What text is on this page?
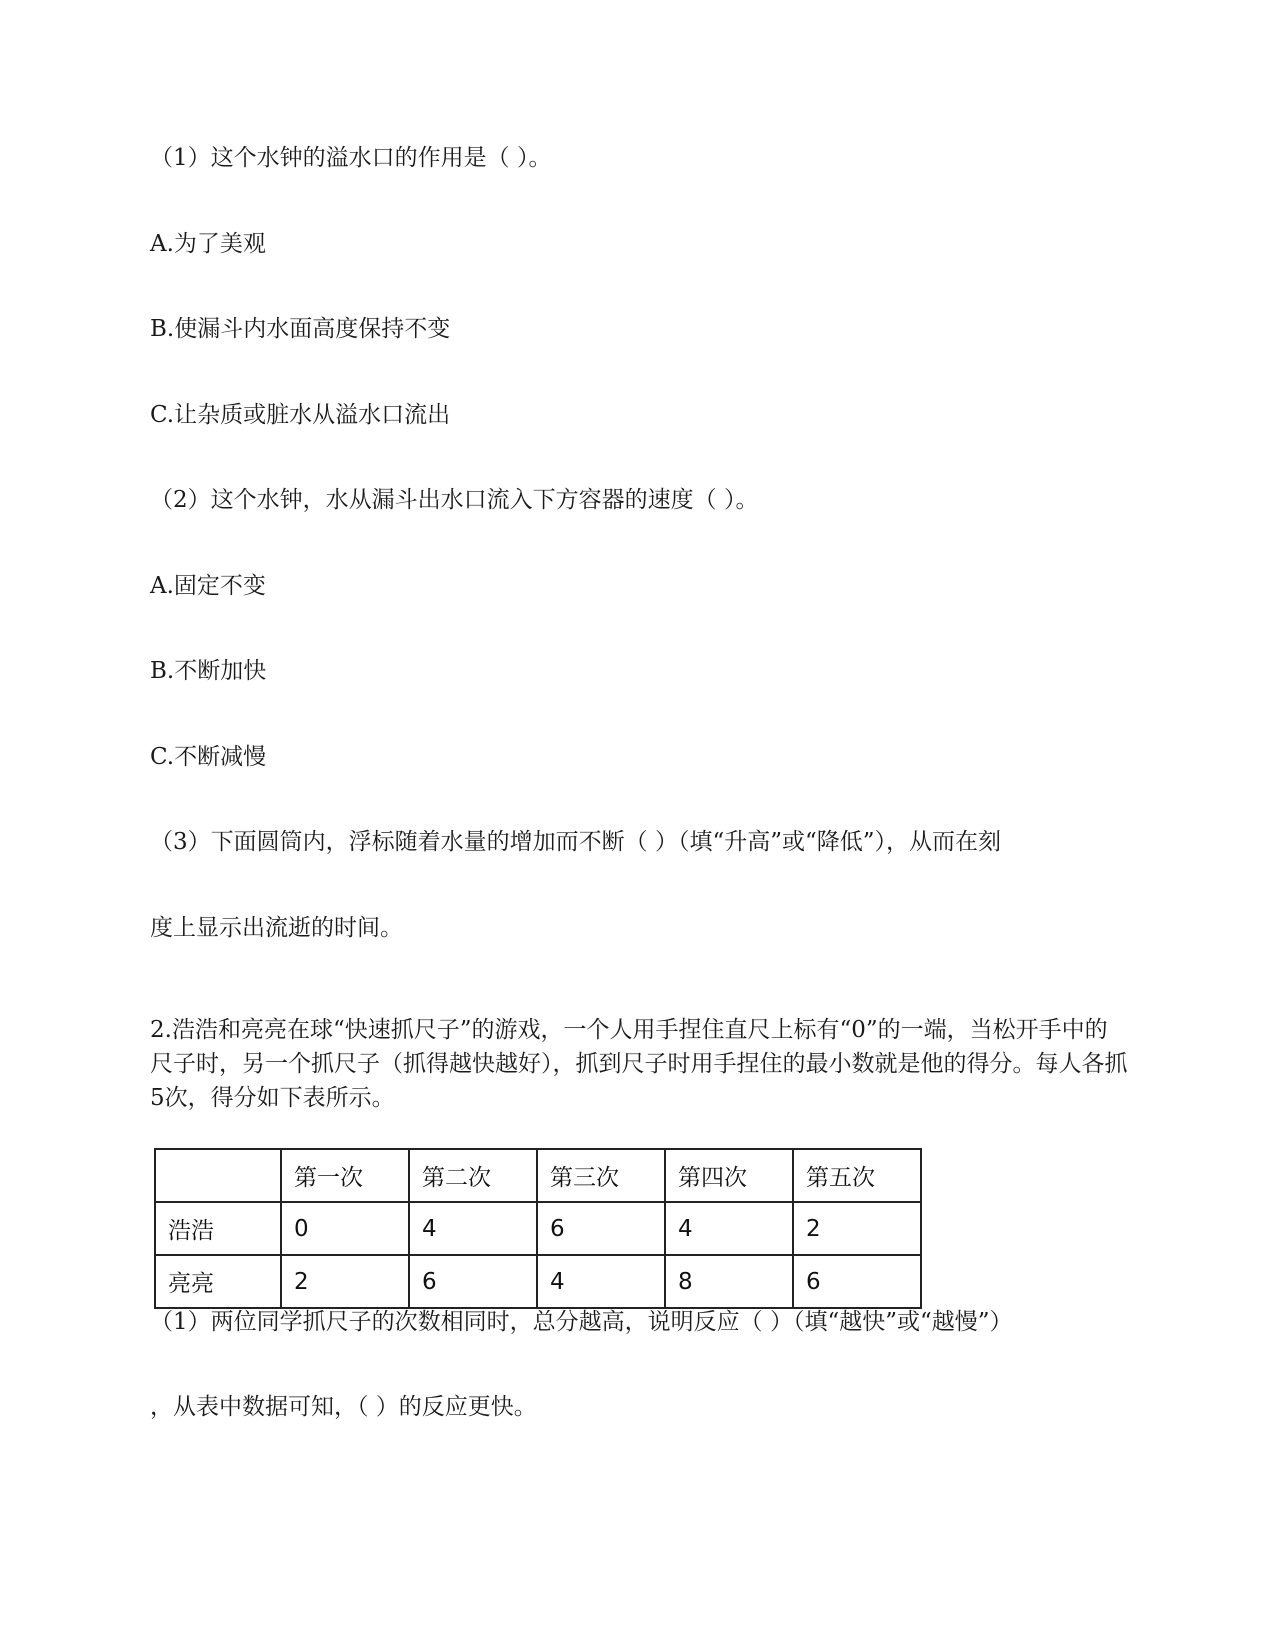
（1）这个水钟的溢水口的作用是（ ）。
A.为了美观
B.使漏斗内水面高度保持不变
C.让杂质或脏水从溢水口流出
（2）这个水钟，水从漏斗出水口流入下方容器的速度（ ）。
A.固定不变
B.不断加快
C.不断减慢
（3）下面圆筒内，浮标随着水量的增加而不断（ ）（填“升高”或“降低”），从而在刻
度上显示出流逝的时间。
2.浩浩和亮亮在球“快速抓尺子”的游戏，一个人用手捏住直尺上标有“0”的一端，当松开手中的尺子时，另一个抓尺子（抓得越快越好），抓到尺子时用手捏住的最小数就是他的得分。每人各抓5次，得分如下表所示。
	第一次	第二次	第三次	第四次	第五次
浩浩	0	4	6	4	2
亮亮	2	6	4	8	6
（1）两位同学抓尺子的次数相同时，总分越高，说明反应（ ）（填“越快”或“越慢”）
，从表中数据可知，（ ）的反应更快。
